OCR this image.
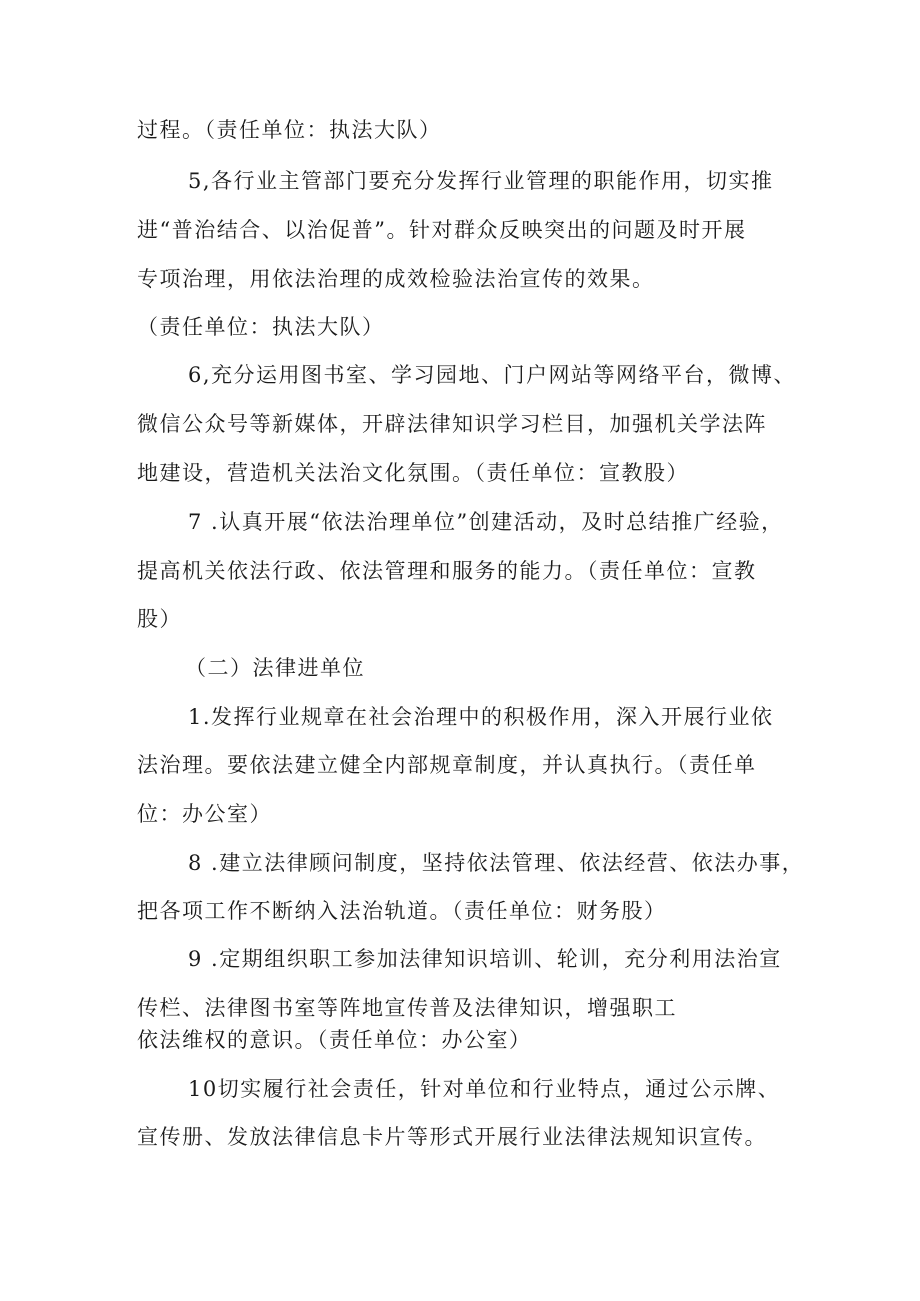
过程。（责任单位：执法大队）
5,各行业主管部门要充分发挥行业管理的职能作用，切实推
进“普治结合、以治促普”。针对群众反映突出的问题及时开展
专项治理，用依法治理的成效检验法治宣传的效果。
（责任单位：执法大队）
6,充分运用图书室、学习园地、门户网站等网络平台，微博、
微信公众号等新媒体，开辟法律知识学习栏目，加强机关学法阵
地建设，营造机关法治文化氛围。（责任单位：宣教股）
7 .认真开展“依法治理单位”创建活动，及时总结推广经验，
提高机关依法行政、依法管理和服务的能力。（责任单位：宣教
股）
（二）法律进单位
1.发挥行业规章在社会治理中的积极作用，深入开展行业依
法治理。要依法建立健全内部规章制度，并认真执行。（责任单
位：办公室）
8 .建立法律顾问制度，坚持依法管理、依法经营、依法办事，
把各项工作不断纳入法治轨道。（责任单位：财务股）
9 .定期组织职工参加法律知识培训、轮训，充分利用法治宣
传栏、法律图书室等阵地宣传普及法律知识，增强职工
依法维权的意识。（责任单位：办公室）
10切实履行社会责任，针对单位和行业特点，通过公示牌、
宣传册、发放法律信息卡片等形式开展行业法律法规知识宣传。
